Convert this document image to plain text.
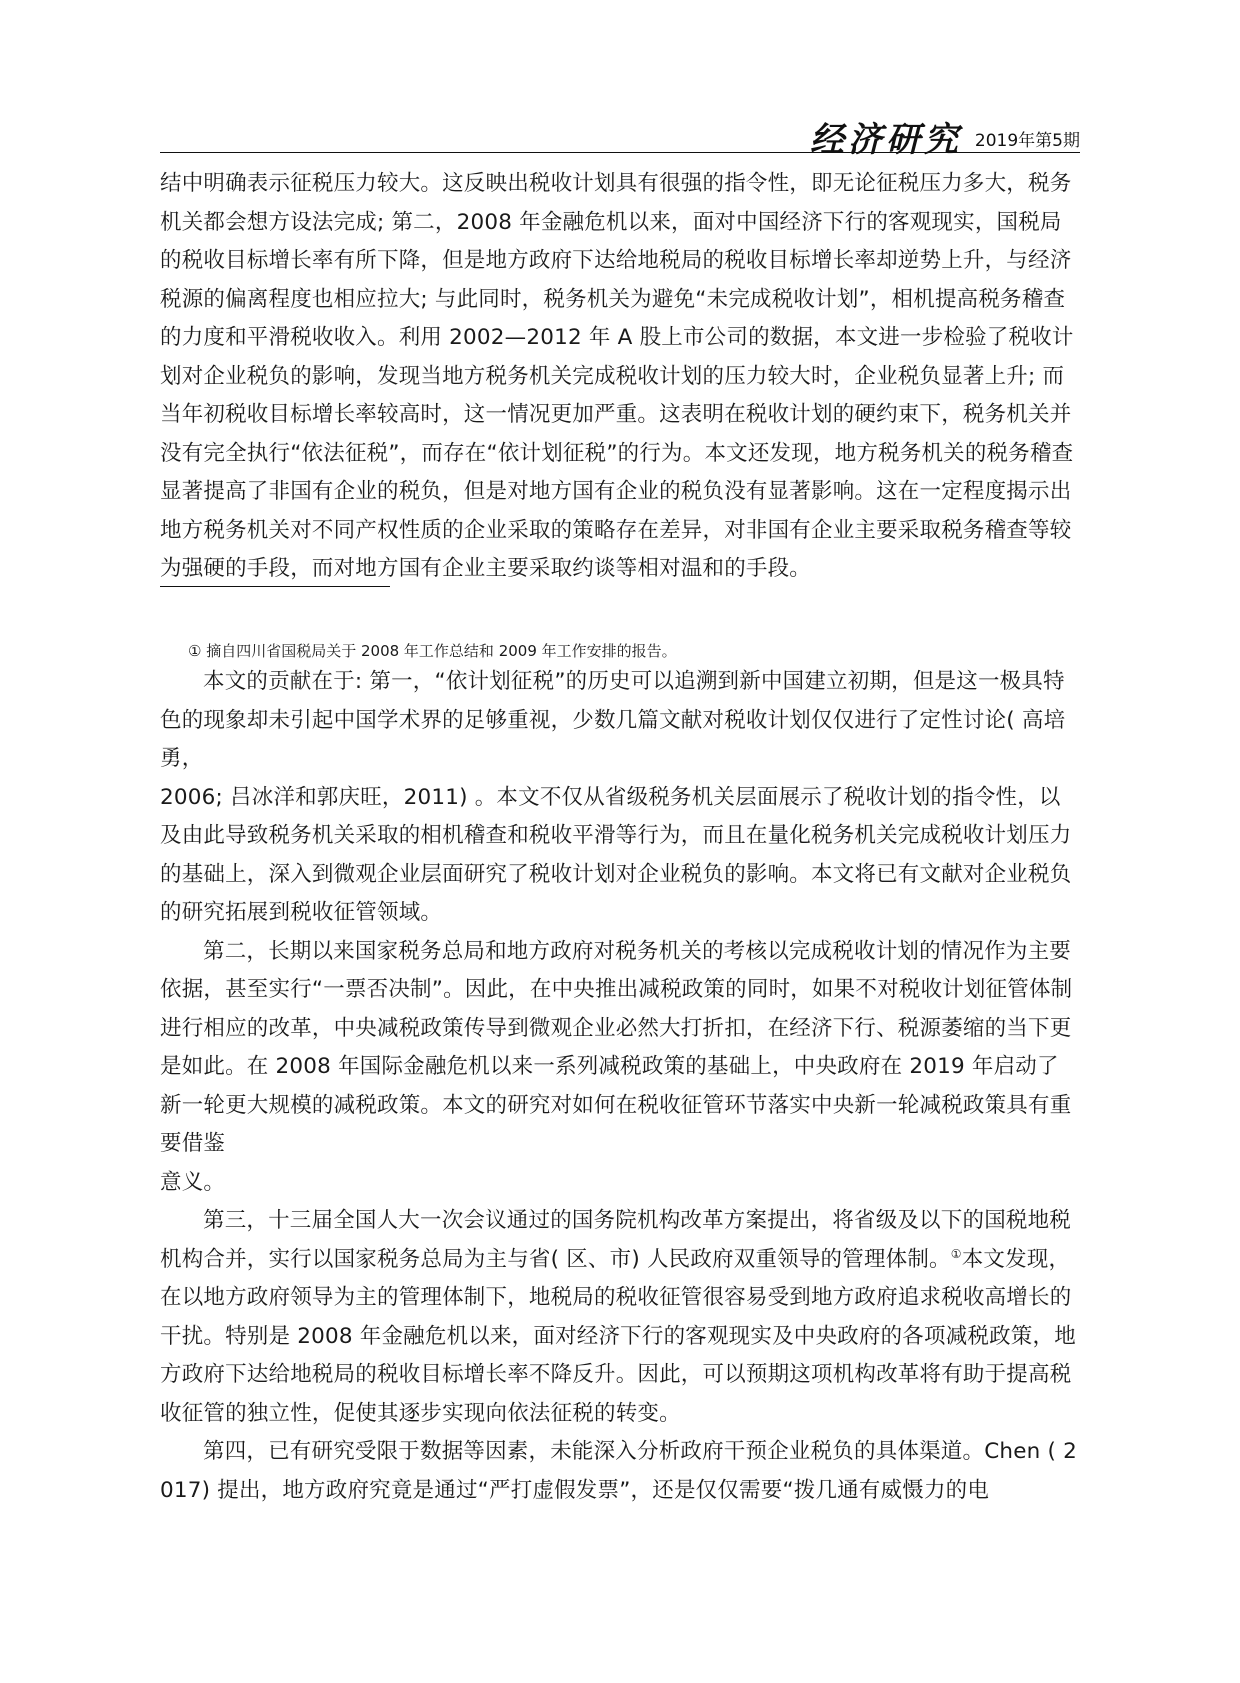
经济研究 2019年第5期

结中明确表示征税压力较大。这反映出税收计划具有很强的指令性，即无论征税压力多大，税务机关都会想方设法完成; 第二，2008 年金融危机以来，面对中国经济下行的客观现实，国税局的税收目标增长率有所下降，但是地方政府下达给地税局的税收目标增长率却逆势上升，与经济税源的偏离程度也相应拉大; 与此同时，税务机关为避免“未完成税收计划”，相机提高税务稽查的力度和平滑税收收入。利用 2002—2012 年 A 股上市公司的数据，本文进一步检验了税收计划对企业税负的影响，发现当地方税务机关完成税收计划的压力较大时，企业税负显著上升; 而当年初税收目标增长率较高时，这一情况更加严重。这表明在税收计划的硬约束下，税务机关并没有完全执行“依法征税”，而存在“依计划征税”的行为。本文还发现，地方税务机关的税务稽查显著提高了非国有企业的税负，但是对地方国有企业的税负没有显著影响。这在一定程度揭示出地方税务机关对不同产权性质的企业采取的策略存在差异，对非国有企业主要采取税务稽查等较为强硬的手段，而对地方国有企业主要采取约谈等相对温和的手段。

① 摘自四川省国税局关于 2008 年工作总结和 2009 年工作安排的报告。

本文的贡献在于: 第一，“依计划征税”的历史可以追溯到新中国建立初期，但是这一极具特色的现象却未引起中国学术界的足够重视，少数几篇文献对税收计划仅仅进行了定性讨论( 高培勇，

2006; 吕冰洋和郭庆旺，2011) 。本文不仅从省级税务机关层面展示了税收计划的指令性，以及由此导致税务机关采取的相机稽查和税收平滑等行为，而且在量化税务机关完成税收计划压力的基础上，深入到微观企业层面研究了税收计划对企业税负的影响。本文将已有文献对企业税负的研究拓展到税收征管领域。

第二，长期以来国家税务总局和地方政府对税务机关的考核以完成税收计划的情况作为主要依据，甚至实行“一票否决制”。因此，在中央推出减税政策的同时，如果不对税收计划征管体制进行相应的改革，中央减税政策传导到微观企业必然大打折扣，在经济下行、税源萎缩的当下更是如此。在 2008 年国际金融危机以来一系列减税政策的基础上，中央政府在 2019 年启动了新一轮更大规模的减税政策。本文的研究对如何在税收征管环节落实中央新一轮减税政策具有重要借鉴

意义。

第三，十三届全国人大一次会议通过的国务院机构改革方案提出，将省级及以下的国税地税机构合并，实行以国家税务总局为主与省( 区、市) 人民政府双重领导的管理体制。①本文发现，在以地方政府领导为主的管理体制下，地税局的税收征管很容易受到地方政府追求税收高增长的干扰。特别是 2008 年金融危机以来，面对经济下行的客观现实及中央政府的各项减税政策，地方政府下达给地税局的税收目标增长率不降反升。因此，可以预期这项机构改革将有助于提高税收征管的独立性，促使其逐步实现向依法征税的转变。

第四，已有研究受限于数据等因素，未能深入分析政府干预企业税负的具体渠道。Chen ( 2017) 提出，地方政府究竟是通过“严打虚假发票”，还是仅仅需要“拨几通有威慑力的电
